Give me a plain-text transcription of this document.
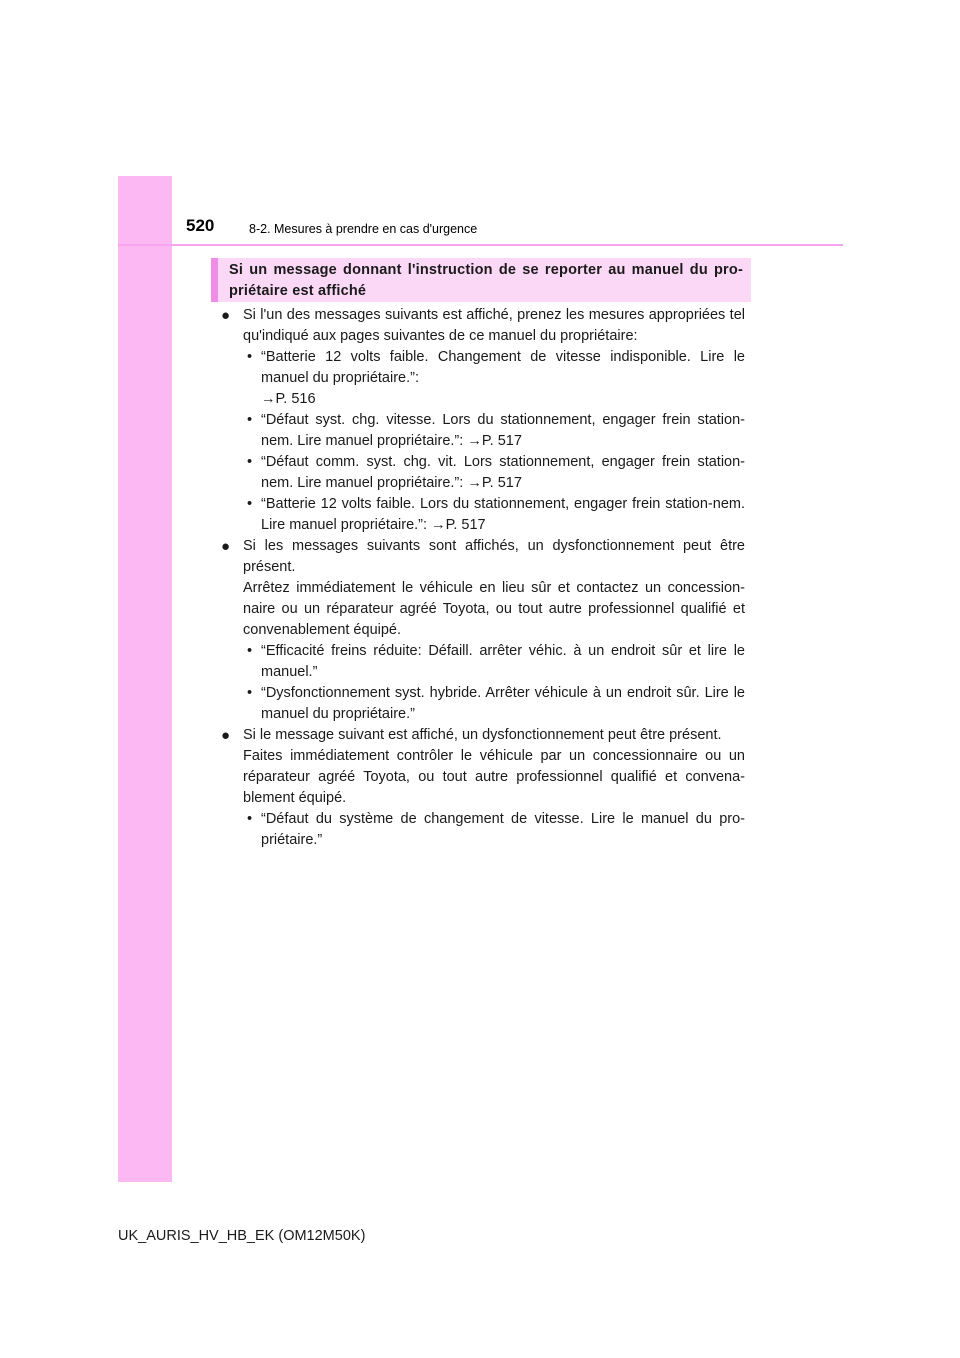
520	8-2. Mesures à prendre en cas d'urgence
Si un message donnant l'instruction de se reporter au manuel du pro-priétaire est affiché
● Si l'un des messages suivants est affiché, prenez les mesures appropriées tel qu'indiqué aux pages suivantes de ce manuel du propriétaire:

• “Batterie 12 volts faible. Changement de vitesse indisponible. Lire le manuel du propriétaire.”:
→P. 516
• “Défaut syst. chg. vitesse. Lors du stationnement, engager frein station-nem. Lire manuel propriétaire.”: →P. 517
• “Défaut comm. syst. chg. vit. Lors stationnement, engager frein station-nem. Lire manuel propriétaire.”: →P. 517
• “Batterie 12 volts faible. Lors du stationnement, engager frein station-nem. Lire manuel propriétaire.”: →P. 517
● Si les messages suivants sont affichés, un dysfonctionnement peut être présent.

Arrêtez immédiatement le véhicule en lieu sûr et contactez un concession-naire ou un réparateur agréé Toyota, ou tout autre professionnel qualifié et convenablement équipé.

• “Efficacité freins réduite: Défaill. arrêter véhic. à un endroit sûr et lire le manuel.”
• “Dysfonctionnement syst. hybride. Arrêter véhicule à un endroit sûr. Lire le manuel du propriétaire.”
● Si le message suivant est affiché, un dysfonctionnement peut être présent.

Faites immédiatement contrôler le véhicule par un concessionnaire ou un réparateur agréé Toyota, ou tout autre professionnel qualifié et convena-blement équipé.

• “Défaut du système de changement de vitesse. Lire le manuel du pro-priétaire.”
UK_AURIS_HV_HB_EK (OM12M50K)
